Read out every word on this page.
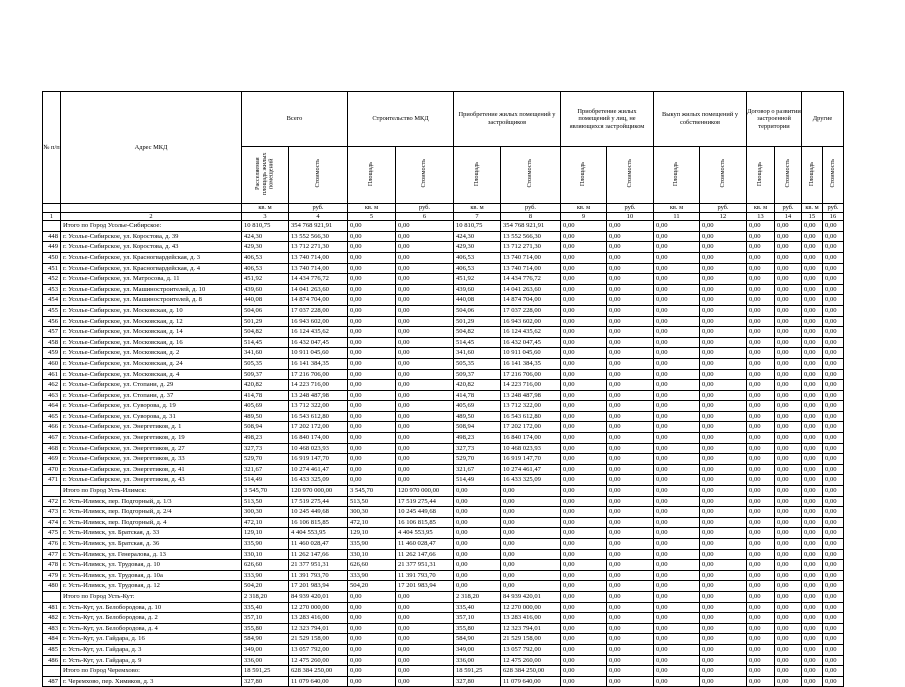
№ п/п	Адрес МКД	Всего		Строительство МКД		Приобретение жилых помещений у застройщиков		Приобретение жилых помещений у лиц, не являющихся застройщиком		Выкуп жилых помещений у собственников		Договор о развитии застроенной территории		Другие	
		Расселяемая площадь жилых помещений	Стоимость	Площадь	Стоимость	Площадь	Стоимость	Площадь	Стоимость	Площадь	Стоимость	Площадь	Стоимость	Площадь	Стоимость
		кв. м	руб.	кв. м	руб.	кв. м	руб.	кв. м	руб.	кв. м	руб.	кв. м	руб.	кв. м	руб.
1	2	3	4	5	6	7	8	9	10	11	12	13	14	15	16
	Итого по Город Усолье-Сибирское:	10 810,75	354 768 921,91	0,00	0,00	10 810,75	354 768 921,91	0,00	0,00	0,00	0,00	0,00	0,00	0,00	0,00
448	г. Усолье-Сибирское, ул. Коростова, д. 39	424,30	13 552 566,30	0,00	0,00	424,30	13 552 566,30	0,00	0,00	0,00	0,00	0,00	0,00	0,00	0,00
449	г. Усолье-Сибирское, ул. Коростова, д. 43	429,30	13 712 271,30	0,00	0,00	429,30	13 712 271,30	0,00	0,00	0,00	0,00	0,00	0,00	0,00	0,00
450	г. Усолье-Сибирское, ул. Красногвардейская, д. 3	406,53	13 740 714,00	0,00	0,00	406,53	13 740 714,00	0,00	0,00	0,00	0,00	0,00	0,00	0,00	0,00
451	г. Усолье-Сибирское, ул. Красногвардейская, д. 4	406,53	13 740 714,00	0,00	0,00	406,53	13 740 714,00	0,00	0,00	0,00	0,00	0,00	0,00	0,00	0,00
452	г. Усолье-Сибирское, ул. Матросова, д. 11	451,92	14 434 776,72	0,00	0,00	451,92	14 434 776,72	0,00	0,00	0,00	0,00	0,00	0,00	0,00	0,00
453	г. Усолье-Сибирское, ул. Машиностроителей, д. 10	439,60	14 041 263,60	0,00	0,00	439,60	14 041 263,60	0,00	0,00	0,00	0,00	0,00	0,00	0,00	0,00
454	г. Усолье-Сибирское, ул. Машиностроителей, д. 8	440,08	14 874 704,00	0,00	0,00	440,08	14 874 704,00	0,00	0,00	0,00	0,00	0,00	0,00	0,00	0,00
455	г. Усолье-Сибирское, ул. Московская, д. 10	504,06	17 037 228,00	0,00	0,00	504,06	17 037 228,00	0,00	0,00	0,00	0,00	0,00	0,00	0,00	0,00
456	г. Усолье-Сибирское, ул. Московская, д. 12	501,29	16 943 602,00	0,00	0,00	501,29	16 943 602,00	0,00	0,00	0,00	0,00	0,00	0,00	0,00	0,00
457	г. Усолье-Сибирское, ул. Московская, д. 14	504,82	16 124 435,62	0,00	0,00	504,82	16 124 435,62	0,00	0,00	0,00	0,00	0,00	0,00	0,00	0,00
458	г. Усолье-Сибирское, ул. Московская, д. 16	514,45	16 432 047,45	0,00	0,00	514,45	16 432 047,45	0,00	0,00	0,00	0,00	0,00	0,00	0,00	0,00
459	г. Усолье-Сибирское, ул. Московская, д. 2	341,60	10 911 045,60	0,00	0,00	341,60	10 911 045,60	0,00	0,00	0,00	0,00	0,00	0,00	0,00	0,00
460	г. Усолье-Сибирское, ул. Московская, д. 24	505,35	16 141 384,35	0,00	0,00	505,35	16 141 384,35	0,00	0,00	0,00	0,00	0,00	0,00	0,00	0,00
461	г. Усолье-Сибирское, ул. Московская, д. 4	509,37	17 216 706,00	0,00	0,00	509,37	17 216 706,00	0,00	0,00	0,00	0,00	0,00	0,00	0,00	0,00
462	г. Усолье-Сибирское, ул. Стопани, д. 29	420,82	14 223 716,00	0,00	0,00	420,82	14 223 716,00	0,00	0,00	0,00	0,00	0,00	0,00	0,00	0,00
463	г. Усолье-Сибирское, ул. Стопани, д. 37	414,78	13 248 487,98	0,00	0,00	414,78	13 248 487,98	0,00	0,00	0,00	0,00	0,00	0,00	0,00	0,00
464	г. Усолье-Сибирское, ул. Суворова, д. 19	405,69	13 712 322,00	0,00	0,00	405,69	13 712 322,00	0,00	0,00	0,00	0,00	0,00	0,00	0,00	0,00
465	г. Усолье-Сибирское, ул. Суворова, д. 31	489,50	16 543 612,80	0,00	0,00	489,50	16 543 612,80	0,00	0,00	0,00	0,00	0,00	0,00	0,00	0,00
466	г. Усолье-Сибирское, ул. Энергетиков, д. 1	508,94	17 202 172,00	0,00	0,00	508,94	17 202 172,00	0,00	0,00	0,00	0,00	0,00	0,00	0,00	0,00
467	г. Усолье-Сибирское, ул. Энергетиков, д. 19	498,23	16 840 174,00	0,00	0,00	498,23	16 840 174,00	0,00	0,00	0,00	0,00	0,00	0,00	0,00	0,00
468	г. Усолье-Сибирское, ул. Энергетиков, д. 27	327,73	10 468 023,93	0,00	0,00	327,73	10 468 023,93	0,00	0,00	0,00	0,00	0,00	0,00	0,00	0,00
469	г. Усолье-Сибирское, ул. Энергетиков, д. 33	529,70	16 919 147,70	0,00	0,00	529,70	16 919 147,70	0,00	0,00	0,00	0,00	0,00	0,00	0,00	0,00
470	г. Усолье-Сибирское, ул. Энергетиков, д. 41	321,67	10 274 461,47	0,00	0,00	321,67	10 274 461,47	0,00	0,00	0,00	0,00	0,00	0,00	0,00	0,00
471	г. Усолье-Сибирское, ул. Энергетиков, д. 43	514,49	16 433 325,09	0,00	0,00	514,49	16 433 325,09	0,00	0,00	0,00	0,00	0,00	0,00	0,00	0,00
	Итого по Город Усть-Илимск:	3 545,70	120 970 000,00	3 545,70	120 970 000,00	0,00	0,00	0,00	0,00	0,00	0,00	0,00	0,00	0,00	0,00
472	г. Усть-Илимск, пер. Подгорный, д. 1/3	513,50	17 519 275,44	513,50	17 519 275,44	0,00	0,00	0,00	0,00	0,00	0,00	0,00	0,00	0,00	0,00
473	г. Усть-Илимск, пер. Подгорный, д. 2/4	300,30	10 245 449,68	300,30	10 245 449,68	0,00	0,00	0,00	0,00	0,00	0,00	0,00	0,00	0,00	0,00
474	г. Усть-Илимск, пер. Подгорный, д. 4	472,10	16 106 815,85	472,10	16 106 815,85	0,00	0,00	0,00	0,00	0,00	0,00	0,00	0,00	0,00	0,00
475	г. Усть-Илимск, ул. Братская, д. 33	129,10	4 404 553,95	129,10	4 404 553,95	0,00	0,00	0,00	0,00	0,00	0,00	0,00	0,00	0,00	0,00
476	г. Усть-Илимск, ул. Братская, д. 36	335,90	11 460 028,47	335,90	11 460 028,47	0,00	0,00	0,00	0,00	0,00	0,00	0,00	0,00	0,00	0,00
477	г. Усть-Илимск, ул. Генералова, д. 13	330,10	11 262 147,66	330,10	11 262 147,66	0,00	0,00	0,00	0,00	0,00	0,00	0,00	0,00	0,00	0,00
478	г. Усть-Илимск, ул. Трудовая, д. 10	626,60	21 377 951,31	626,60	21 377 951,31	0,00	0,00	0,00	0,00	0,00	0,00	0,00	0,00	0,00	0,00
479	г. Усть-Илимск, ул. Трудовая, д. 10а	333,90	11 391 793,70	333,90	11 391 793,70	0,00	0,00	0,00	0,00	0,00	0,00	0,00	0,00	0,00	0,00
480	г. Усть-Илимск, ул. Трудовая, д. 12	504,20	17 201 983,94	504,20	17 201 983,94	0,00	0,00	0,00	0,00	0,00	0,00	0,00	0,00	0,00	0,00
	Итого по Город Усть-Кут:	2 318,20	84 939 420,01	0,00	0,00	2 318,20	84 939 420,01	0,00	0,00	0,00	0,00	0,00	0,00	0,00	0,00
481	г. Усть-Кут, ул. Белобородова, д. 10	335,40	12 270 000,00	0,00	0,00	335,40	12 270 000,00	0,00	0,00	0,00	0,00	0,00	0,00	0,00	0,00
482	г. Усть-Кут, ул. Белобородова, д. 2	357,10	13 283 416,00	0,00	0,00	357,10	13 283 416,00	0,00	0,00	0,00	0,00	0,00	0,00	0,00	0,00
483	г. Усть-Кут, ул. Белобородова, д. 4	355,80	12 323 794,01	0,00	0,00	355,80	12 323 794,01	0,00	0,00	0,00	0,00	0,00	0,00	0,00	0,00
484	г. Усть-Кут, ул. Гайдара, д. 16	584,90	21 529 158,00	0,00	0,00	584,90	21 529 158,00	0,00	0,00	0,00	0,00	0,00	0,00	0,00	0,00
485	г. Усть-Кут, ул. Гайдара, д. 3	349,00	13 057 792,00	0,00	0,00	349,00	13 057 792,00	0,00	0,00	0,00	0,00	0,00	0,00	0,00	0,00
486	г. Усть-Кут, ул. Гайдара, д. 9	336,00	12 475 260,00	0,00	0,00	336,00	12 475 260,00	0,00	0,00	0,00	0,00	0,00	0,00	0,00	0,00
	Итого по Город Черемхово:	18 591,25	628 384 250,00	0,00	0,00	18 591,25	628 384 250,00	0,00	0,00	0,00	0,00	0,00	0,00	0,00	0,00
487	г. Черемхово, пер. Химиков, д. 3	327,80	11 079 640,00	0,00	0,00	327,80	11 079 640,00	0,00	0,00	0,00	0,00	0,00	0,00	0,00	0,00
